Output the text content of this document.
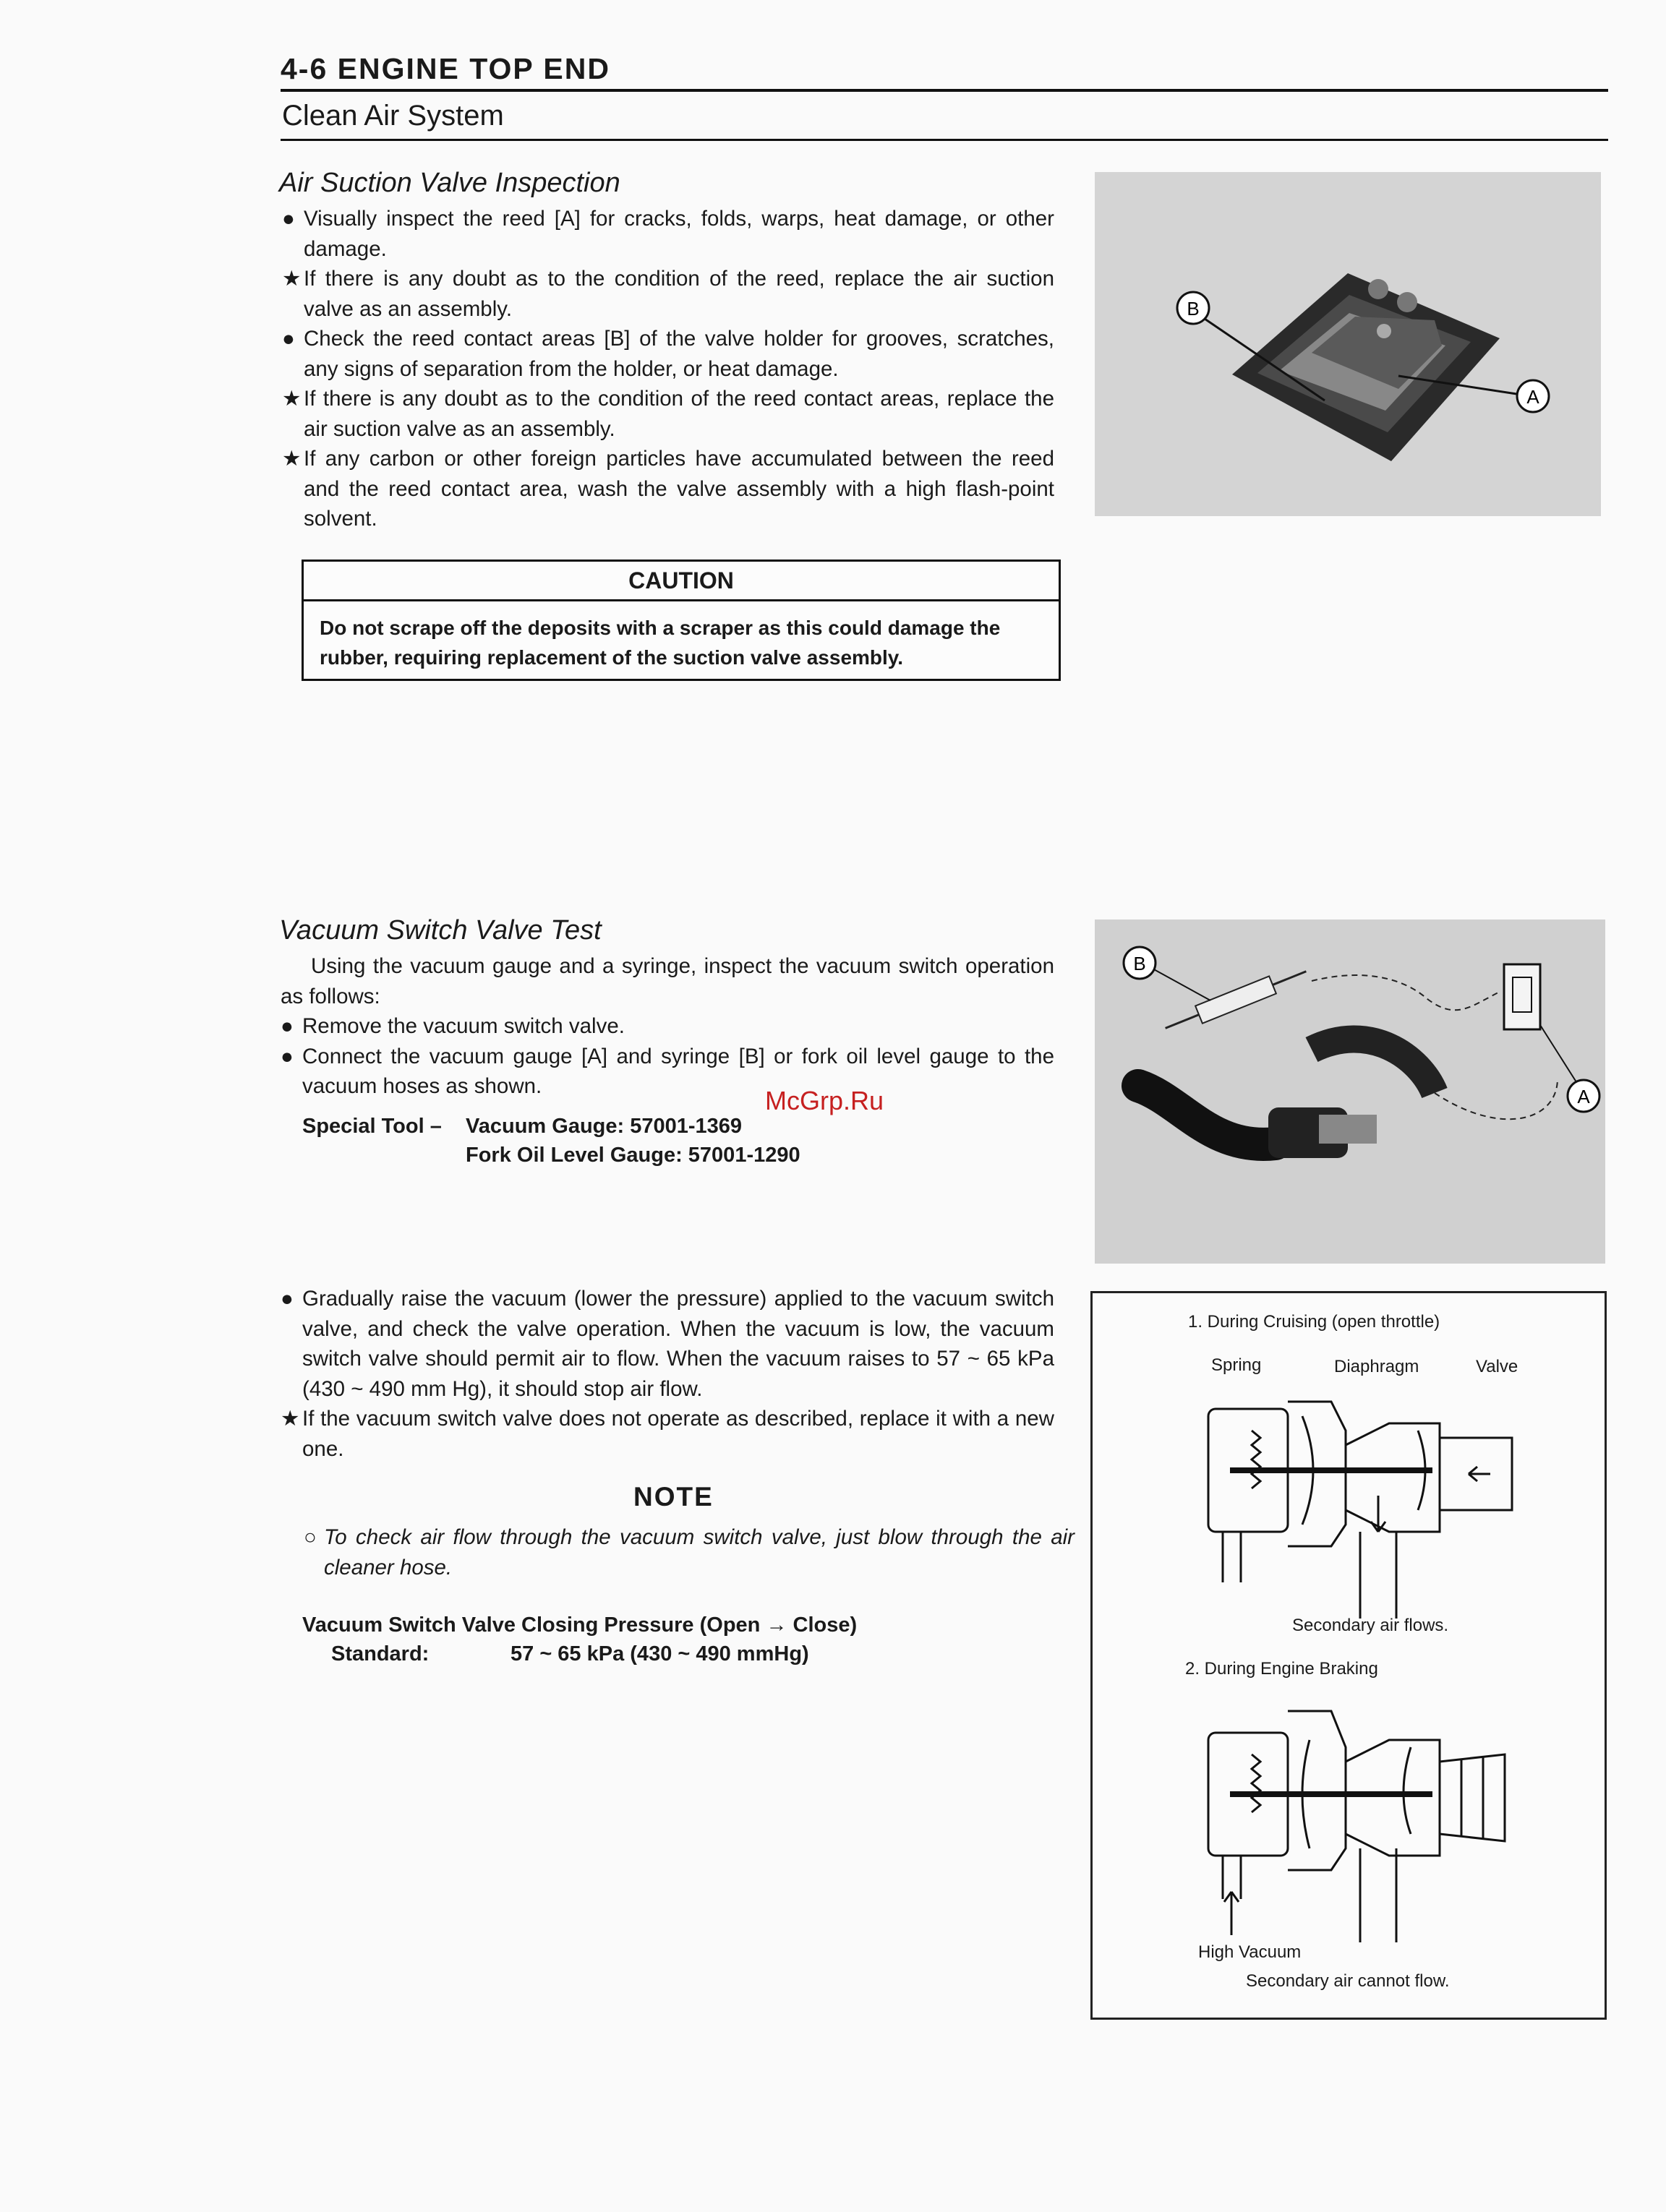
4-6 ENGINE TOP END
Clean Air System
Air Suction Valve Inspection
● Visually inspect the reed [A] for cracks, folds, warps, heat damage, or other damage.
★ If there is any doubt as to the condition of the reed, replace the air suction valve as an assembly.
● Check the reed contact areas [B] of the valve holder for grooves, scratches, any signs of separation from the holder, or heat damage.
★ If there is any doubt as to the condition of the reed contact areas, replace the air suction valve as an assembly.
★ If any carbon or other foreign particles have accumulated between the reed and the reed contact area, wash the valve assembly with a high flash-point solvent.
CAUTION
Do not scrape off the deposits with a scraper as this could damage the rubber, requiring replacement of the suction valve assembly.
B
A
Vacuum Switch Valve Test
Using the vacuum gauge and a syringe, inspect the vacuum switch operation as follows:
● Remove the vacuum switch valve.
● Connect the vacuum gauge [A] and syringe [B] or fork oil level gauge to the vacuum hoses as shown.
Special Tool – Vacuum Gauge: 57001-1369
Fork Oil Level Gauge: 57001-1290
McGrp.Ru
B
A
● Gradually raise the vacuum (lower the pressure) applied to the vacuum switch valve, and check the valve operation. When the vacuum is low, the vacuum switch valve should permit air to flow. When the vacuum raises to 57 ~ 65 kPa (430 ~ 490 mm Hg), it should stop air flow.
★ If the vacuum switch valve does not operate as described, replace it with a new one.
NOTE
○ To check air flow through the vacuum switch valve, just blow through the air cleaner hose.
Vacuum Switch Valve Closing Pressure (Open → Close)
Standard:	57 ~ 65 kPa (430 ~ 490 mmHg)
1. During Cruising (open throttle)
Spring	Diaphragm	Valve
Secondary air flows.
2. During Engine Braking
High Vacuum
Secondary air cannot flow.
